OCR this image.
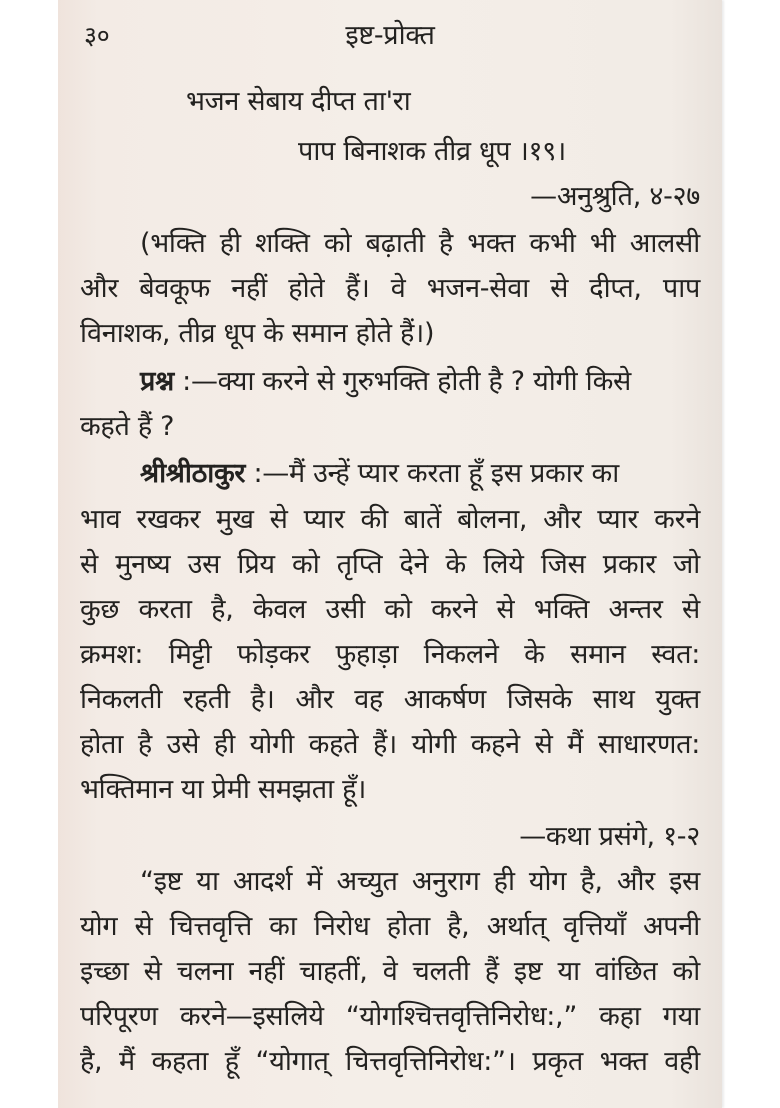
३०	इष्ट-प्रोक्त
भजन सेबाय दीप्त ता'रा
पाप बिनाशक तीव्र धूप ।१९।
—अनुश्रुति, ४-२७
(भक्ति ही शक्ति को बढ़ाती है भक्त कभी भी आलसी
और बेवकूफ नहीं होते हैं। वे भजन-सेवा से दीप्त, पाप
विनाशक, तीव्र धूप के समान होते हैं।)
प्रश्न :—क्या करने से गुरुभक्ति होती है ? योगी किसे
कहते हैं ?
श्रीश्रीठाकुर :—मैं उन्हें प्यार करता हूँ इस प्रकार का
भाव रखकर मुख से प्यार की बातें बोलना, और प्यार करने
से मुनष्य उस प्रिय को तृप्ति देने के लिये जिस प्रकार जो
कुछ करता है, केवल उसी को करने से भक्ति अन्तर से
क्रमश: मिट्टी फोड़कर फुहाड़ा निकलने के समान स्वत:
निकलती रहती है। और वह आकर्षण जिसके साथ युक्त
होता है उसे ही योगी कहते हैं। योगी कहने से मैं साधारणत:
भक्तिमान या प्रेमी समझता हूँ।
—कथा प्रसंगे, १-२
“इष्ट या आदर्श में अच्युत अनुराग ही योग है, और इस
योग से चित्तवृत्ति का निरोध होता है, अर्थात् वृत्तियाँ अपनी
इच्छा से चलना नहीं चाहतीं, वे चलती हैं इष्ट या वांछित को
परिपूरण करने—इसलिये “योगश्चित्तवृत्तिनिरोध:,” कहा गया
है, मैं कहता हूँ “योगात् चित्तवृत्तिनिरोध:”। प्रकृत भक्त वही
